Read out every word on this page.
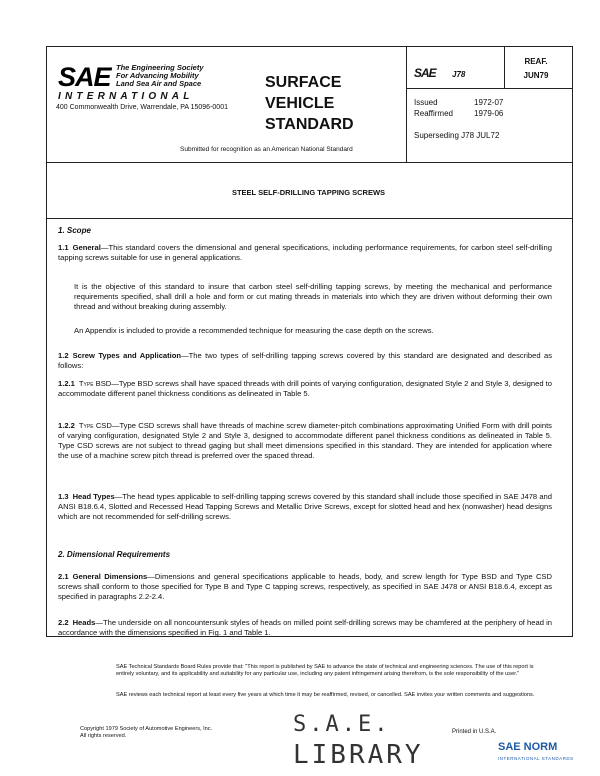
SAE The Engineering Society
For Advancing Mobility
Land Sea Air and Space
INTERNATIONAL
400 Commonwealth Drive, Warrendale, PA 15096-0001
SURFACE
VEHICLE
STANDARD
Submitted for recognition as an American National Standard
SAE J78
REAF.
JUN79
Issued	1972-07
Reaffirmed	1979-06
Superseding J78 JUL72
STEEL SELF-DRILLING TAPPING SCREWS
1. Scope
1.1 General—This standard covers the dimensional and general specifications, including performance requirements, for carbon steel self-drilling tapping screws suitable for use in general applications.
It is the objective of this standard to insure that carbon steel self-drilling tapping screws, by meeting the mechanical and performance requirements specified, shall drill a hole and form or cut mating threads in materials into which they are driven without deforming their own thread and without breaking during assembly.
An Appendix is included to provide a recommended technique for measuring the case depth on the screws.
1.2 Screw Types and Application—The two types of self-drilling tapping screws covered by this standard are designated and described as follows:
1.2.1 Type BSD—Type BSD screws shall have spaced threads with drill points of varying configuration, designated Style 2 and Style 3, designed to accommodate different panel thickness conditions as delineated in Table 5.
1.2.2 Type CSD—Type CSD screws shall have threads of machine screw diameter-pitch combinations approximating Unified Form with drill points of varying configuration, designated Style 2 and Style 3, designed to accommodate different panel thickness conditions as delineated in Table 5. Type CSD screws are not subject to thread gaging but shall meet dimensions specified in this standard. They are intended for application where the use of a machine screw pitch thread is preferred over the spaced thread.
1.3 Head Types—The head types applicable to self-drilling tapping screws covered by this standard shall include those specified in SAE J478 and ANSI B18.6.4, Slotted and Recessed Head Tapping Screws and Metallic Drive Screws, except for slotted head and hex (nonwasher) head designs which are not recommended for self-drilling screws.
2. Dimensional Requirements
2.1 General Dimensions—Dimensions and general specifications applicable to heads, body, and screw length for Type BSD and Type CSD screws shall conform to those specified for Type B and Type C tapping screws, respectively, as specified in SAE J478 or ANSI B18.6.4, except as specified in paragraphs 2.2-2.4.
2.2 Heads—The underside on all noncountersunk styles of heads on milled point self-drilling screws may be chamfered at the periphery of head in accordance with the dimensions specified in Fig. 1 and Table 1.
SAE Technical Standards Board Rules provide that: "This report is published by SAE to advance the state of technical and engineering sciences. The use of this report is entirely voluntary, and its applicability and suitability for any particular use, including any patent infringement arising therefrom, is the sole responsibility of the user."
SAE reviews each technical report at least every five years at which time it may be reaffirmed, revised, or cancelled. SAE invites your written comments and suggestions.
Copyright 1979 Society of Automotive Engineers, Inc.
All rights reserved.	S.A.E.
LIBRARY
Printed in U.S.A.
SAE NORM
INTERNATIONAL STANDARDS
